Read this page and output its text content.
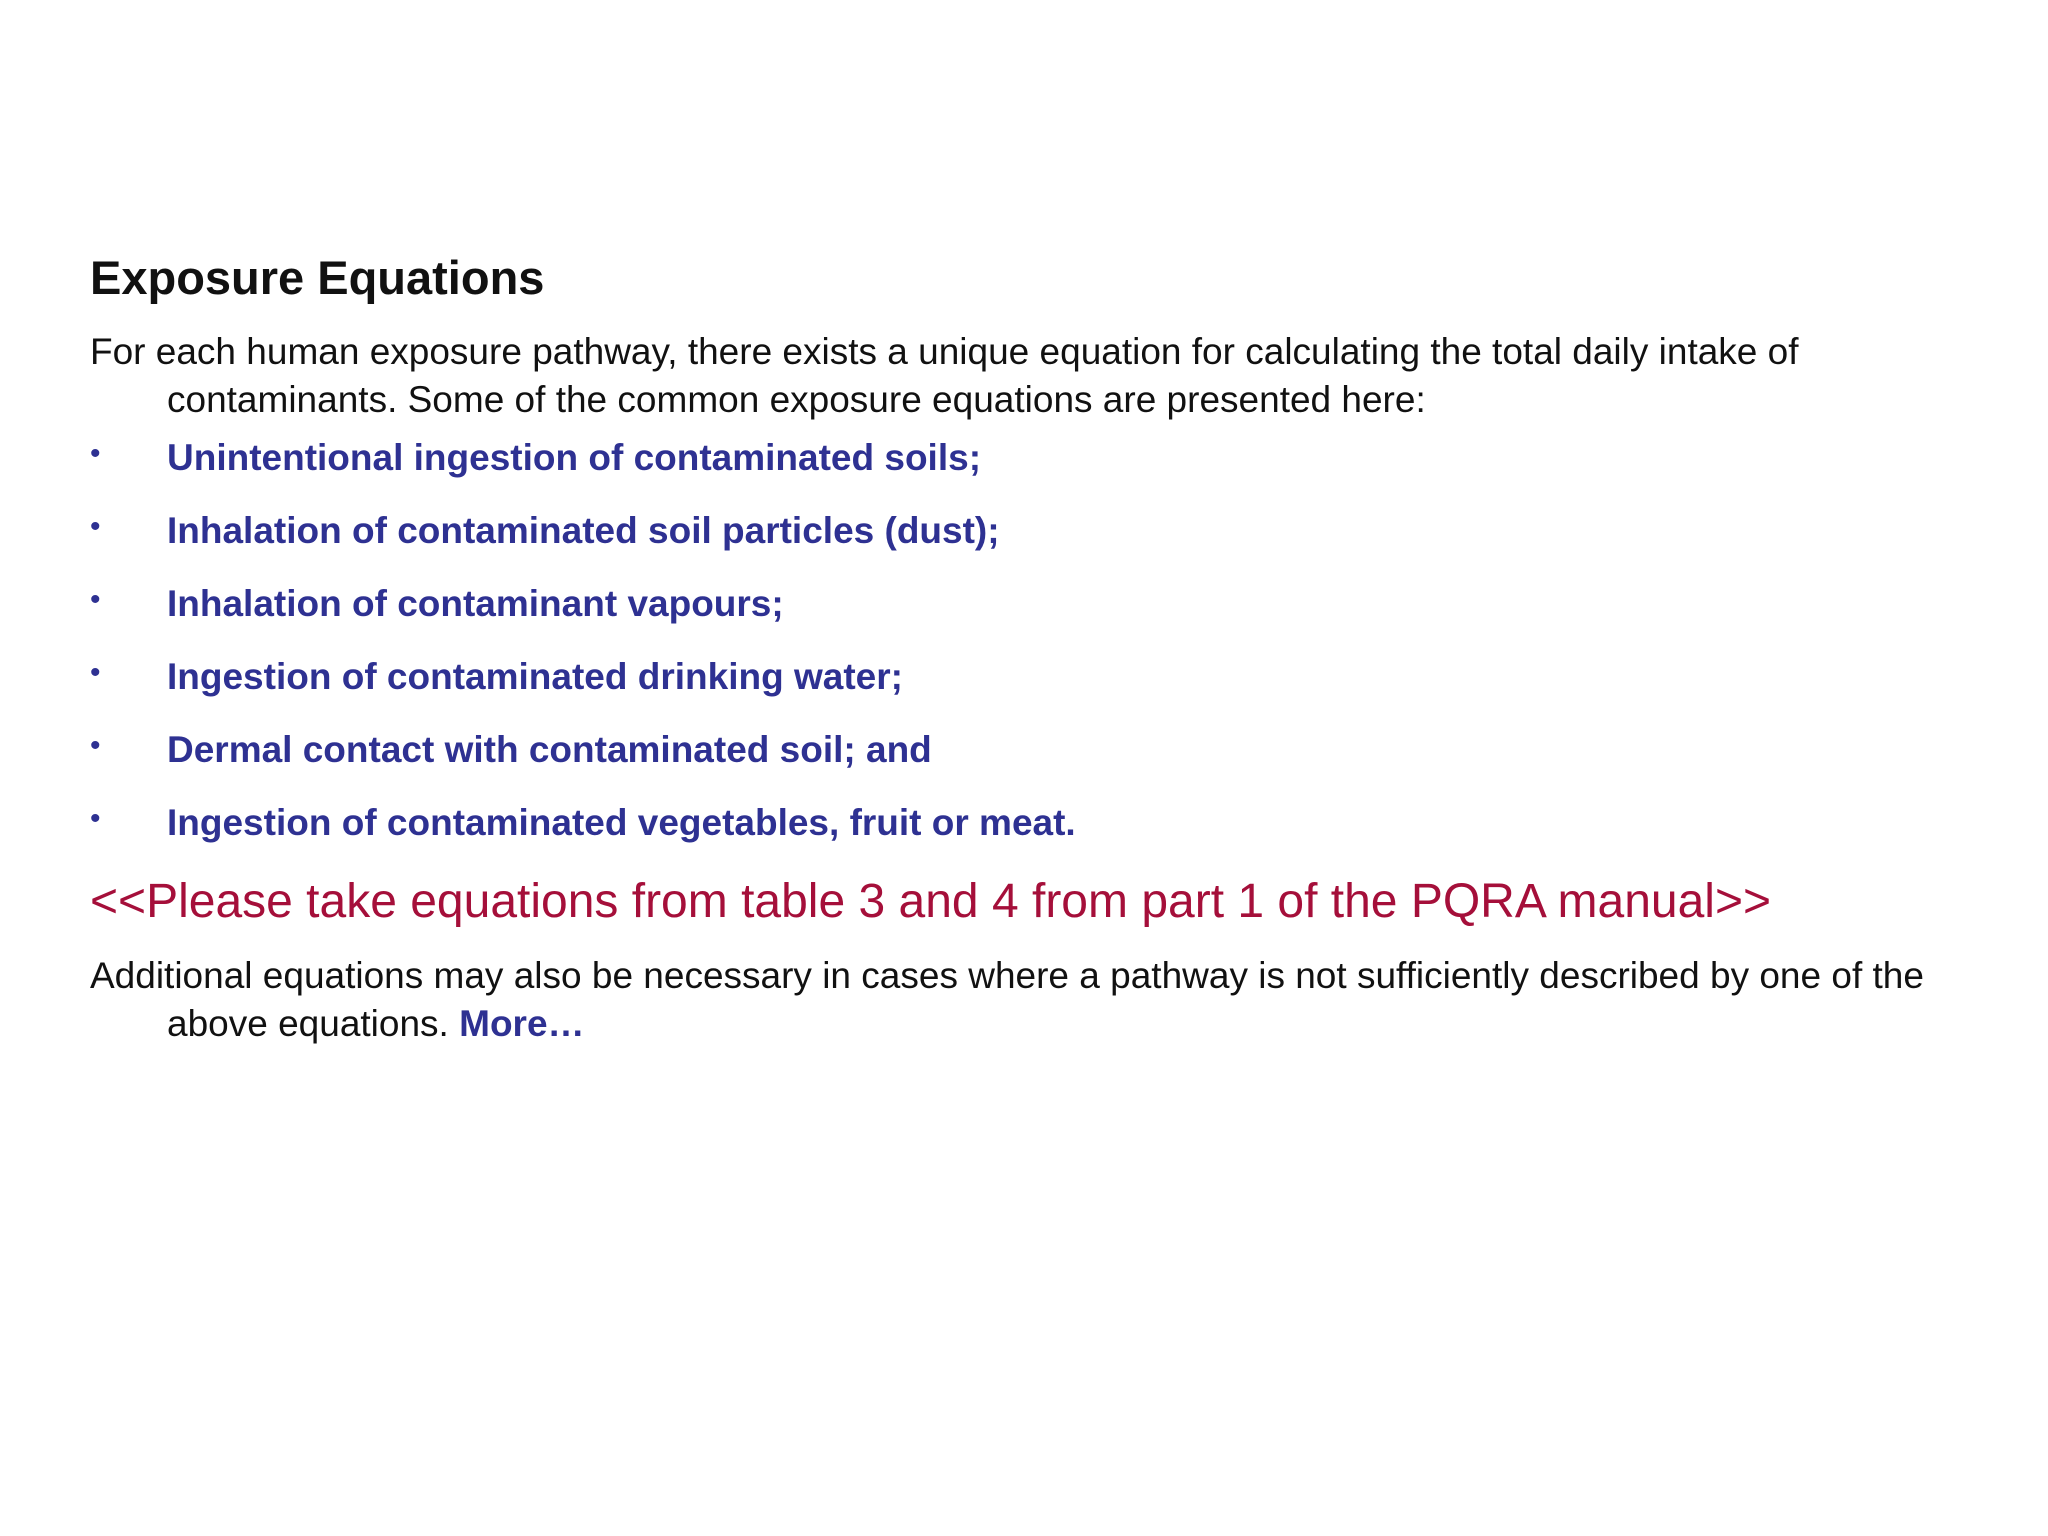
Exposure Equations

For each human exposure pathway, there exists a unique equation for calculating the total daily intake of contaminants. Some of the common exposure equations are presented here:

• Unintentional ingestion of contaminated soils;
• Inhalation of contaminated soil particles (dust);
• Inhalation of contaminant vapours;
• Ingestion of contaminated drinking water;
• Dermal contact with contaminated soil; and
• Ingestion of contaminated vegetables, fruit or meat.

<<Please take equations from table 3 and 4 from part 1 of the PQRA manual>>

Additional equations may also be necessary in cases where a pathway is not sufficiently described by one of the above equations. More…
